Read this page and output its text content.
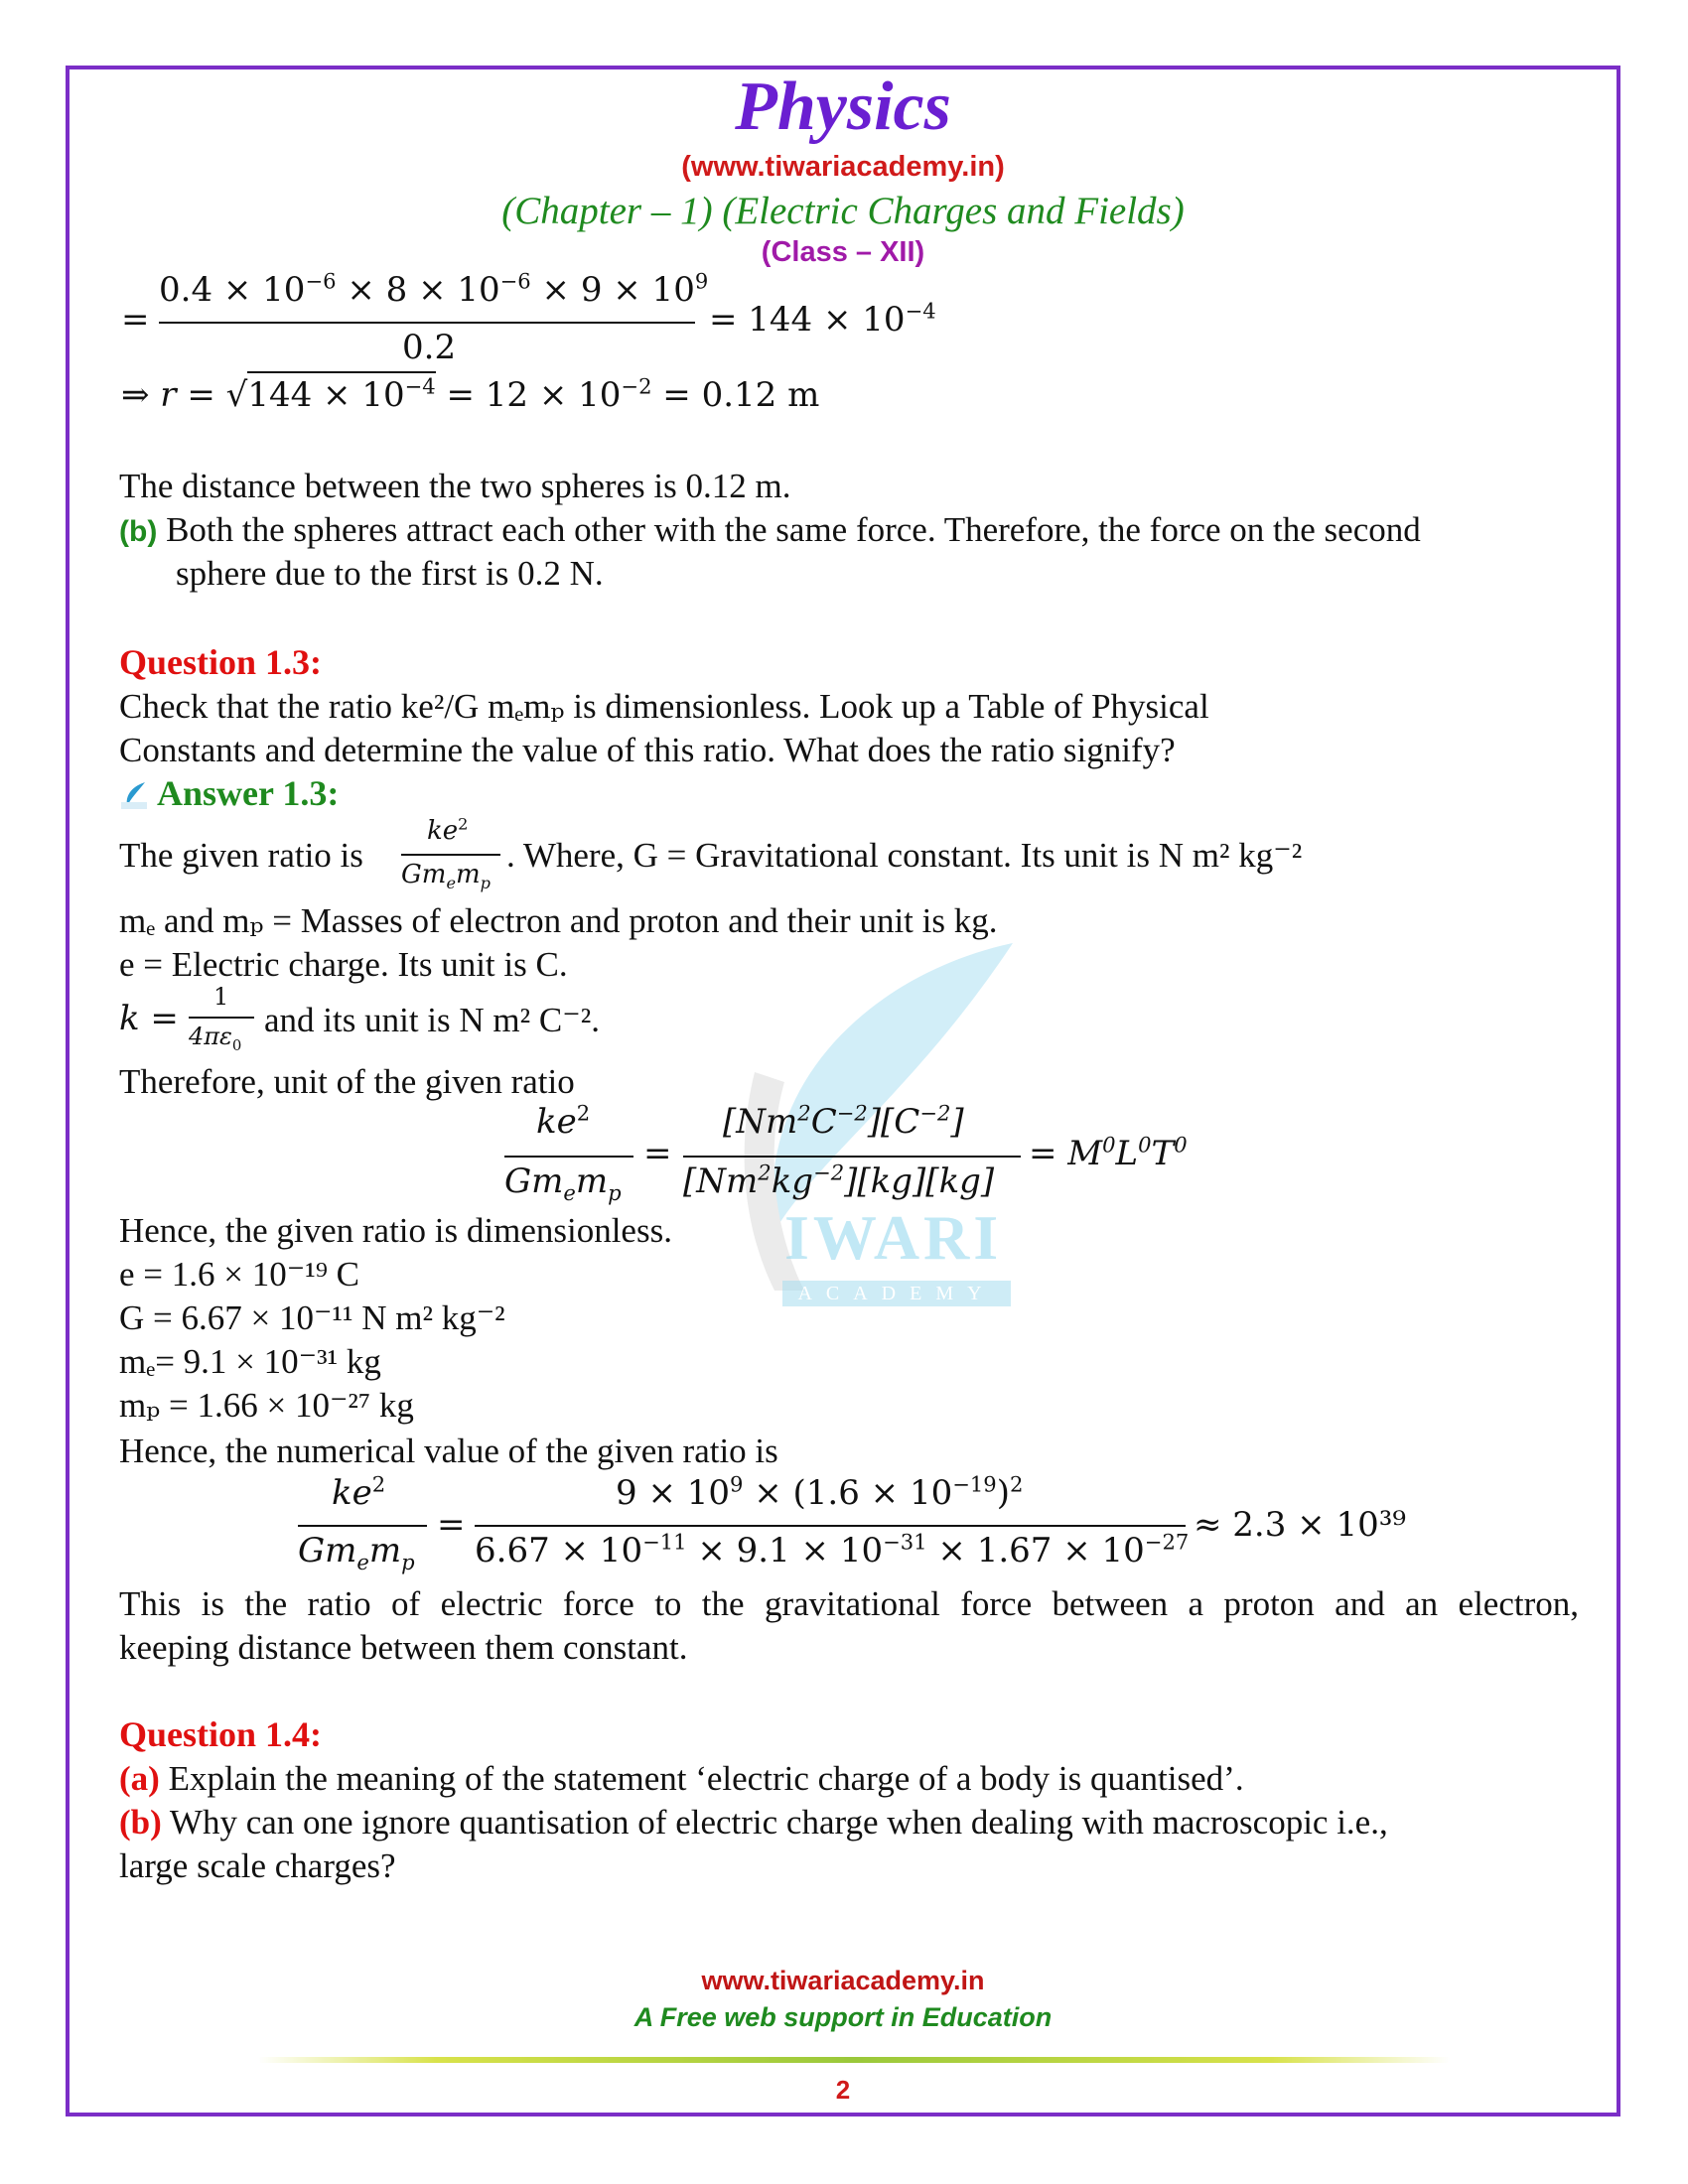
IWARI
ACADEMY
Physics
(www.tiwariacademy.in)
(Chapter – 1) (Electric Charges and Fields)
(Class – XII)
=
$0.4 \times 10^{-6} \times 8 \times 10^{-6} \times 9 \times 10^9$
0.2
= $144 \times 10^{-4}$
⇒ $r = √144 \times 10^{-4} = 12 \times 10^{-2} = 0.12$ m
The distance between the two spheres is 0.12 m.
(b) Both the spheres attract each other with the same force. Therefore, the force on the second
sphere due to the first is 0.2 N.
Question 1.3:
Check that the ratio ke²/G mₑmₚ is dimensionless. Look up a Table of Physical
Constants and determine the value of this ratio. What does the ratio signify?
Answer 1.3:
The given ratio is
$ke^2$
$Gm_em_p$
. Where, G = Gravitational constant. Its unit is N m² kg⁻²
mₑ and mₚ = Masses of electron and proton and their unit is kg.
e = Electric charge. Its unit is C.
k =
1
$4\pi\varepsilon_0$
and its unit is N m² C⁻².
Therefore, unit of the given ratio
$ke^2$
$Gm_em_p$
=
$[Nm^2C^{-2}][C^{-2}]$
$[Nm^2kg^{-2}][kg][kg]$
= $M^0L^0T^0$
Hence, the given ratio is dimensionless.
e = 1.6 × 10⁻¹⁹ C
G = 6.67 × 10⁻¹¹ N m² kg⁻²
mₑ= 9.1 × 10⁻³¹ kg
mₚ = 1.66 × 10⁻²⁷ kg
Hence, the numerical value of the given ratio is
$ke^2$
$Gm_em_p$
=
$9 \times 10^9 \times (1.6 \times 10^{-19})^2$
$6.67 \times 10^{-11} \times 9.1 \times 10^{-31} \times 1.67 \times 10^{-27} \approx 2.3 \times 10^{39}$
This is the ratio of electric force to the gravitational force between a proton and an electron,
keeping distance between them constant.
Question 1.4:
(a) Explain the meaning of the statement ‘electric charge of a body is quantised’.
(b) Why can one ignore quantisation of electric charge when dealing with macroscopic i.e.,
large scale charges?
www.tiwariacademy.in
A Free web support in Education
2
